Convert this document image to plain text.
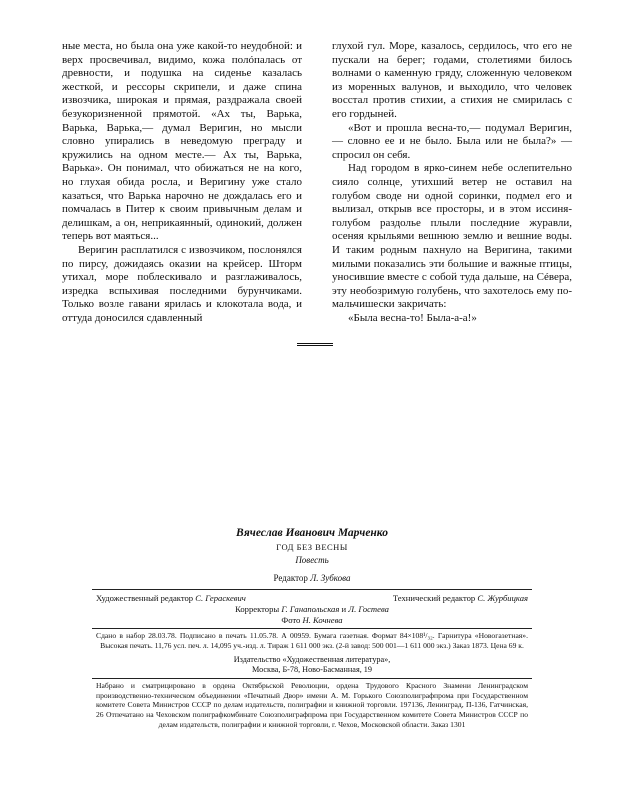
ные места, но была она уже какой-то неудобной: и верх просвечивал, видимо, кожа полóпалась от древности, и подушка на сиденье казалась жесткой, и рессоры скрипели, и даже спина извозчика, широкая и прямая, раздражала своей безукоризненной прямотой. «Ах ты, Варька, Варька, Варька,— думал Веригин, но мысли словно упирались в неведомую преграду и кружились на одном месте.— Ах ты, Варька, Варька». Он понимал, что обижаться не на кого, но глухая обида росла, и Веригину уже стало казаться, что Варька нарочно не дождалась его и помчалась в Питер к своим привычным делам и делишкам, а он, неприкаянный, одинокий, должен теперь вот маяться...

Веригин расплатился с извозчиком, послонялся по пирсу, дожидаясь оказии на крейсер. Шторм утихал, море поблескивало и разглаживалось, изредка вспыхивая последними бурунчиками. Только возле гавани ярилась и клокотала вода, и оттуда доносился сдавленный

глухой гул. Море, казалось, сердилось, что его не пускали на берег; годами, столетиями билось волнами о каменную гряду, сложенную человеком из моренных валунов, и выходило, что человек восстал против стихии, а стихия не смирилась с его гордыней.

«Вот и прошла весна-то,— подумал Веригин,— словно ее и не было. Была или не была?» — спросил он себя.

Над городом в ярко-синем небе ослепительно сияло солнце, утихший ветер не оставил на голубом своде ни одной соринки, подмел его и вылизал, открыв все просторы, и в этом иссиня-голубом раздолье плыли последние журавли, осеняя крыльями вешнюю землю и вешние воды. И таким родным пахнуло на Веригина, такими милыми показались эти большие и важные птицы, уносившие вместе с собой туда дальше, на Сéвера, эту необозримую голубень, что захотелось ему по-мальчишески закричать:

«Была весна-то! Была-а-а!»

Вячеслав Иванович Марченко
ГОД БЕЗ ВЕСНЫ
Повесть
Редактор Л. Зубкова
Художественный редактор С. Гераскевич	Технический редактор С. Журбицкая
Корректоры Г. Ганапольская и Л. Гостева
Фото Н. Кочнева
Сдано в набор 28.03.78. Подписано в печать 11.05.78. А 00959. Бумага газетная. Формат 84×108¹/₃₂. Гарнитура «Новогазетная». Высокая печать. 11,76 усл. печ. л. 14,095 уч.-изд. л. Тираж 1 611 000 экз. (2-й завод: 500 001—1 611 000 экз.) Заказ 1873. Цена 69 к.
Издательство «Художественная литература»,
Москва, Б-78, Ново-Басманная, 19
Набрано и сматрицировано в ордена Октябрьской Революции, ордена Трудового Красного Знамени Ленинградском производственно-техническом объединении «Печатный Двор» имени А. М. Горького Союзполиграфпрома при Государственном комитете Совета Министров СССР по делам издательств, полиграфии и книжной торговли. 197136, Ленинград, П-136, Гатчинская, 26 Отпечатано на Чеховском полиграфкомбинате Союзполиграфпрома при Государственном комитете Совета Министров СССР по делам издательств, полиграфии и книжной торговли, г. Чехов, Московской области. Заказ 1301
